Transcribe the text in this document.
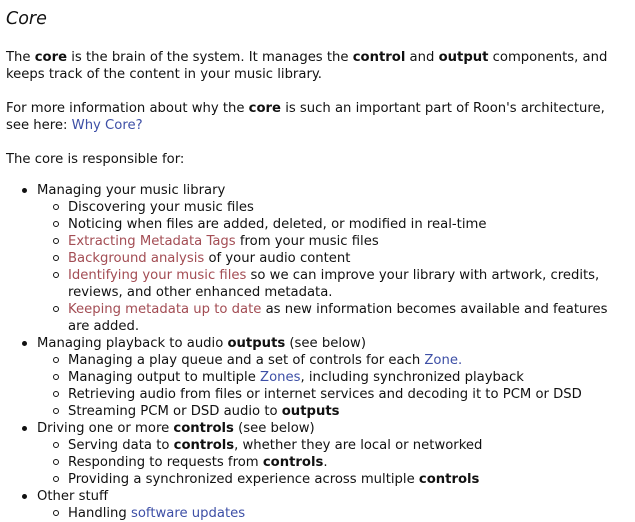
Core

The core is the brain of the system. It manages the control and output components, and keeps track of the content in your music library.

For more information about why the core is such an important part of Roon's architecture, see here: Why Core?

The core is responsible for:

Managing your music library
Discovering your music files
Noticing when files are added, deleted, or modified in real-time
Extracting Metadata Tags from your music files
Background analysis of your audio content
Identifying your music files so we can improve your library with artwork, credits, reviews, and other enhanced metadata.
Keeping metadata up to date as new information becomes available and features are added.
Managing playback to audio outputs (see below)
Managing a play queue and a set of controls for each Zone.
Managing output to multiple Zones, including synchronized playback
Retrieving audio from files or internet services and decoding it to PCM or DSD
Streaming PCM or DSD audio to outputs
Driving one or more controls (see below)
Serving data to controls, whether they are local or networked
Responding to requests from controls.
Providing a synchronized experience across multiple controls
Other stuff
Handling software updates
